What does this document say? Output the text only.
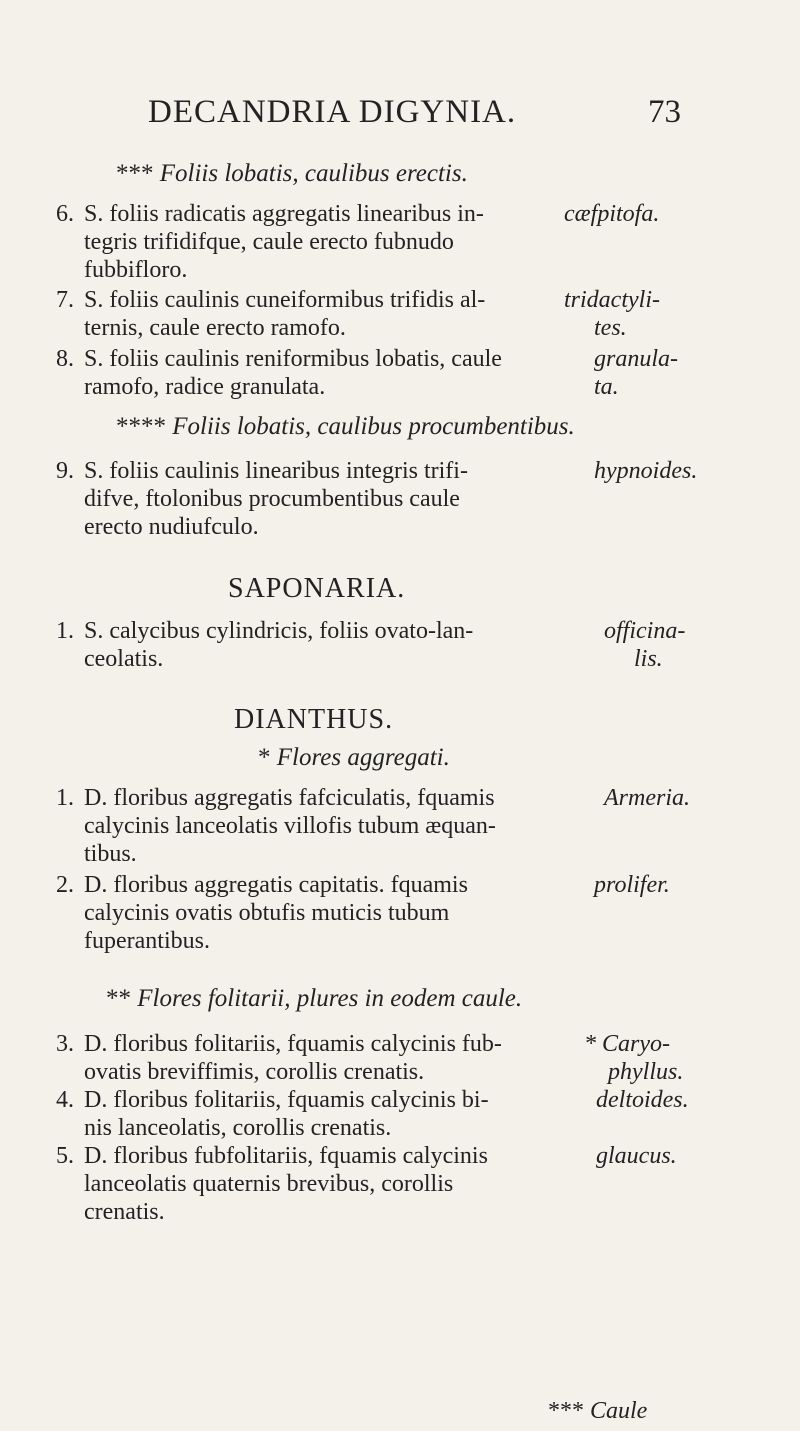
DECANDRIA DIGYNIA.	73
*** Foliis lobatis, caulibus erectis.
6. S. foliis radicatis aggregatis linearibus in-	cæfpitofa.
tegris trifidifque, caule erecto fubnudo
fubbifloro.
7. S. foliis caulinis cuneiformibus trifidis al-	tridactyli-
ternis, caule erecto ramofo.	tes.
8. S. foliis caulinis reniformibus lobatis, caule	granula-
ramofo, radice granulata.	ta.
**** Foliis lobatis, caulibus procumbentibus.
9. S. foliis caulinis linearibus integris trifi-	hypnoides.
difve, ftolonibus procumbentibus caule
erecto nudiufculo.
SAPONARIA.
1. S. calycibus cylindricis, foliis ovato-lan-	officina-
ceolatis.	lis.
DIANTHUS.
* Flores aggregati.
1. D. floribus aggregatis fafciculatis, fquamis	Armeria.
calycinis lanceolatis villofis tubum æquan-
tibus.
2. D. floribus aggregatis capitatis. fquamis	prolifer.
calycinis ovatis obtufis muticis tubum
fuperantibus.
** Flores folitarii, plures in eodem caule.
3. D. floribus folitariis, fquamis calycinis fub-	* Caryo-
ovatis breviffimis, corollis crenatis.	phyllus.
4. D. floribus folitariis, fquamis calycinis bi-	deltoides.
nis lanceolatis, corollis crenatis.
5. D. floribus fubfolitariis, fquamis calycinis	glaucus.
lanceolatis quaternis brevibus, corollis
crenatis.
*** Caule
